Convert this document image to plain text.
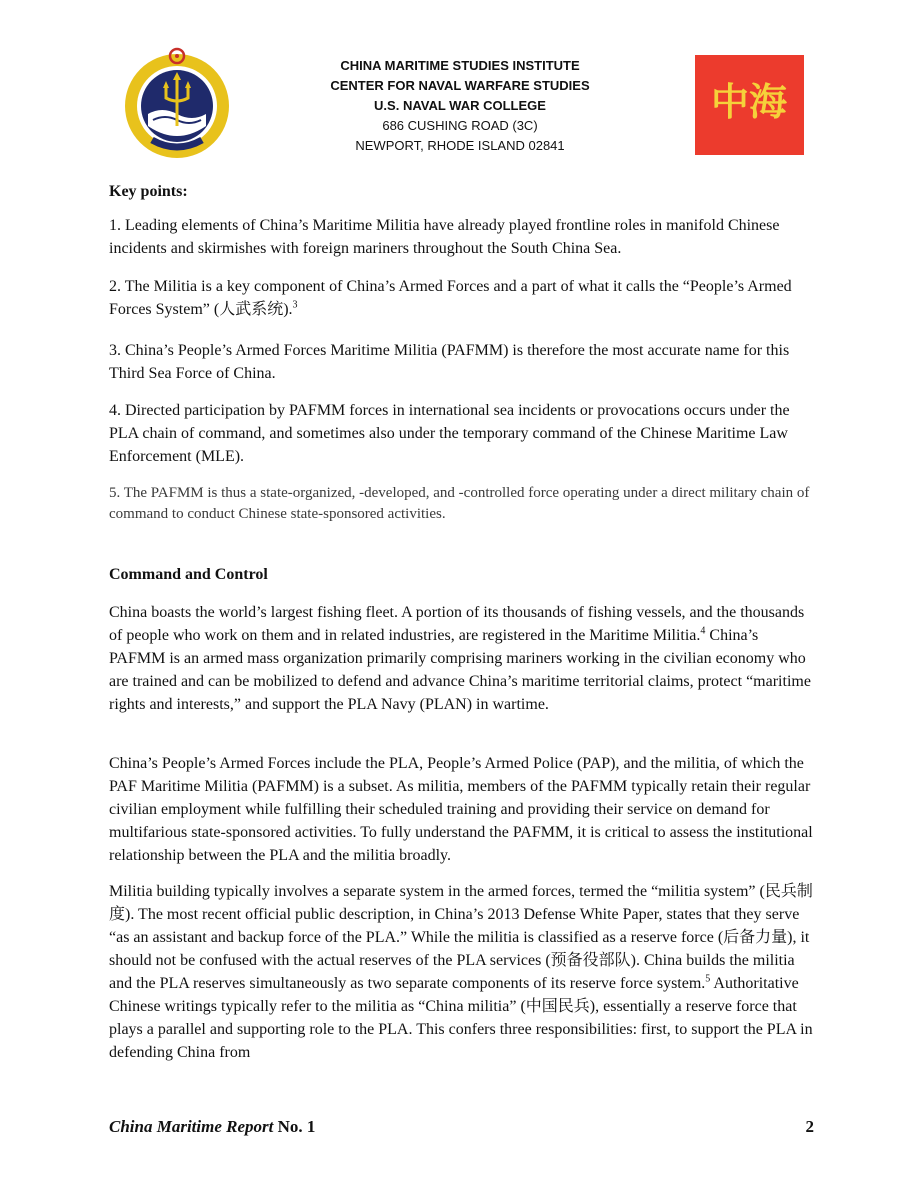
CHINA MARITIME STUDIES INSTITUTE
CENTER FOR NAVAL WARFARE STUDIES
U.S. NAVAL WAR COLLEGE
686 CUSHING ROAD (3C)
NEWPORT, RHODE ISLAND 02841
中海

Key points:

1. Leading elements of China’s Maritime Militia have already played frontline roles in manifold Chinese incidents and skirmishes with foreign mariners throughout the South China Sea.

2. The Militia is a key component of China’s Armed Forces and a part of what it calls the “People’s Armed Forces System” (人武系统).$^3$

3. China’s People’s Armed Forces Maritime Militia (PAFMM) is therefore the most accurate name for this Third Sea Force of China.

4. Directed participation by PAFMM forces in international sea incidents or provocations occurs under the PLA chain of command, and sometimes also under the temporary command of the Chinese Maritime Law Enforcement (MLE).

5. The PAFMM is thus a state-organized, -developed, and -controlled force operating under a direct military chain of command to conduct Chinese state-sponsored activities.

Command and Control

China boasts the world’s largest fishing fleet. A portion of its thousands of fishing vessels, and the thousands of people who work on them and in related industries, are registered in the Maritime Militia.$^4$ China’s PAFMM is an armed mass organization primarily comprising mariners working in the civilian economy who are trained and can be mobilized to defend and advance China’s maritime territorial claims, protect “maritime rights and interests,” and support the PLA Navy (PLAN) in wartime.

China’s People’s Armed Forces include the PLA, People’s Armed Police (PAP), and the militia, of which the PAF Maritime Militia (PAFMM) is a subset. As militia, members of the PAFMM typically retain their regular civilian employment while fulfilling their scheduled training and providing their service on demand for multifarious state-sponsored activities. To fully understand the PAFMM, it is critical to assess the institutional relationship between the PLA and the militia broadly.

Militia building typically involves a separate system in the armed forces, termed the “militia system” (民兵制度). The most recent official public description, in China’s 2013 Defense White Paper, states that they serve “as an assistant and backup force of the PLA.” While the militia is classified as a reserve force (后备力量), it should not be confused with the actual reserves of the PLA services (预备役部队). China builds the militia and the PLA reserves simultaneously as two separate components of its reserve force system.$^5$ Authoritative Chinese writings typically refer to the militia as “China militia” (中国民兵), essentially a reserve force that plays a parallel and supporting role to the PLA. This confers three responsibilities: first, to support the PLA in defending China from

China Maritime Report No. 1	2
